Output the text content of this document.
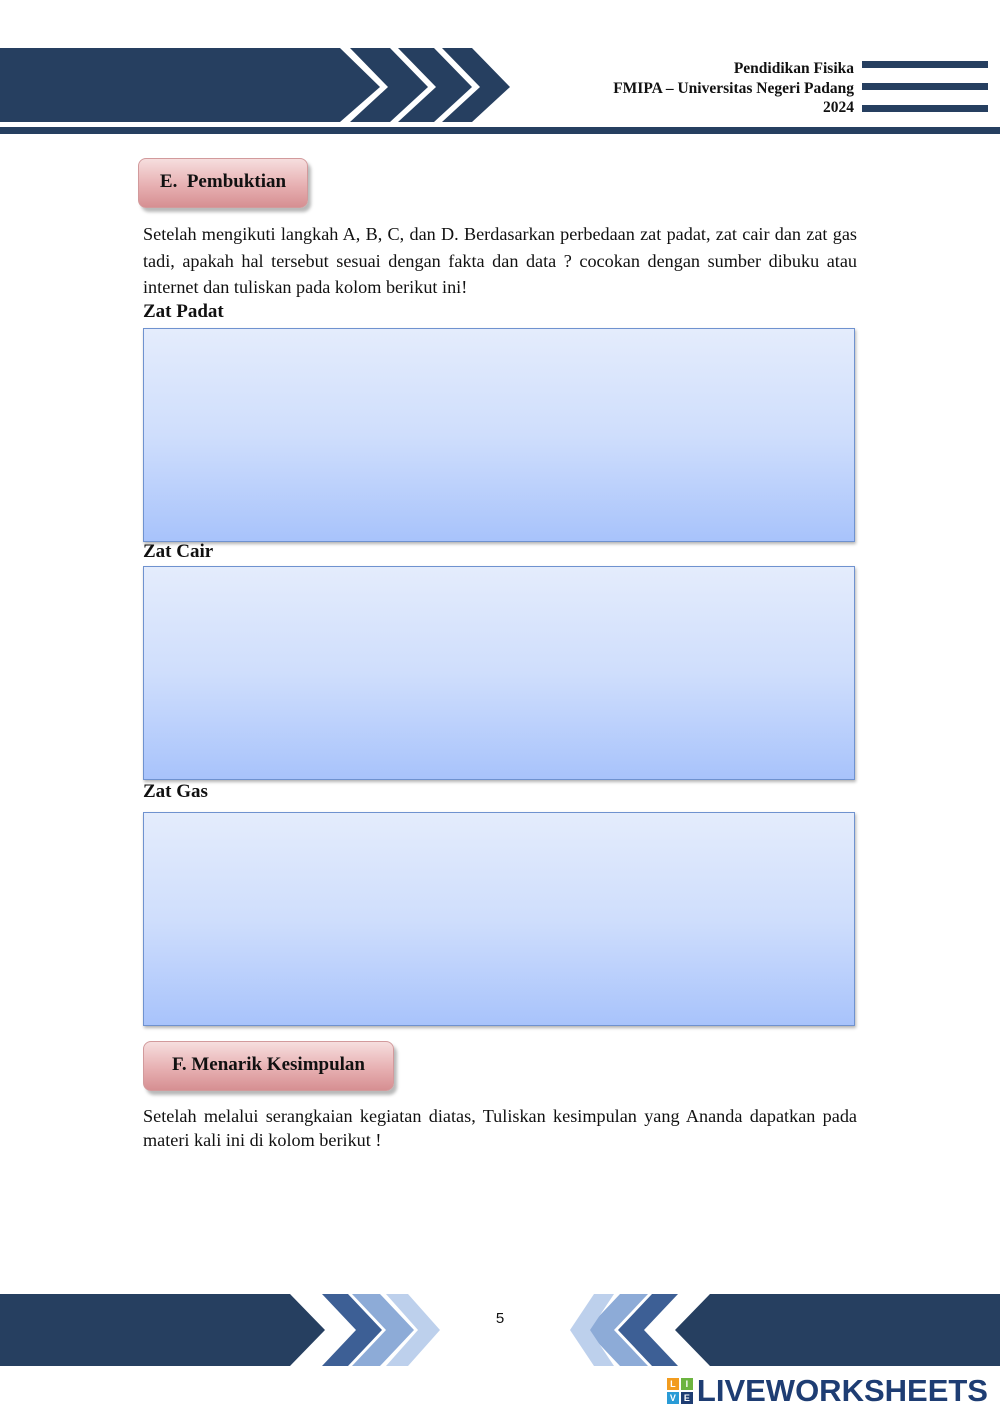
Pendidikan Fisika
FMIPA – Universitas Negeri Padang
2024
E.  Pembuktian
Setelah mengikuti langkah A, B, C, dan D. Berdasarkan perbedaan zat padat, zat cair dan zat gas tadi, apakah hal tersebut sesuai dengan fakta dan data ? cocokan dengan sumber dibuku atau internet dan tuliskan pada kolom berikut ini!
Zat Padat
Zat Cair
Zat Gas
F. Menarik Kesimpulan
Setelah melalui serangkaian kegiatan diatas, Tuliskan kesimpulan yang Ananda dapatkan pada materi kali ini di kolom berikut !
5
L	I
V E LIVEWORKSHEETS
